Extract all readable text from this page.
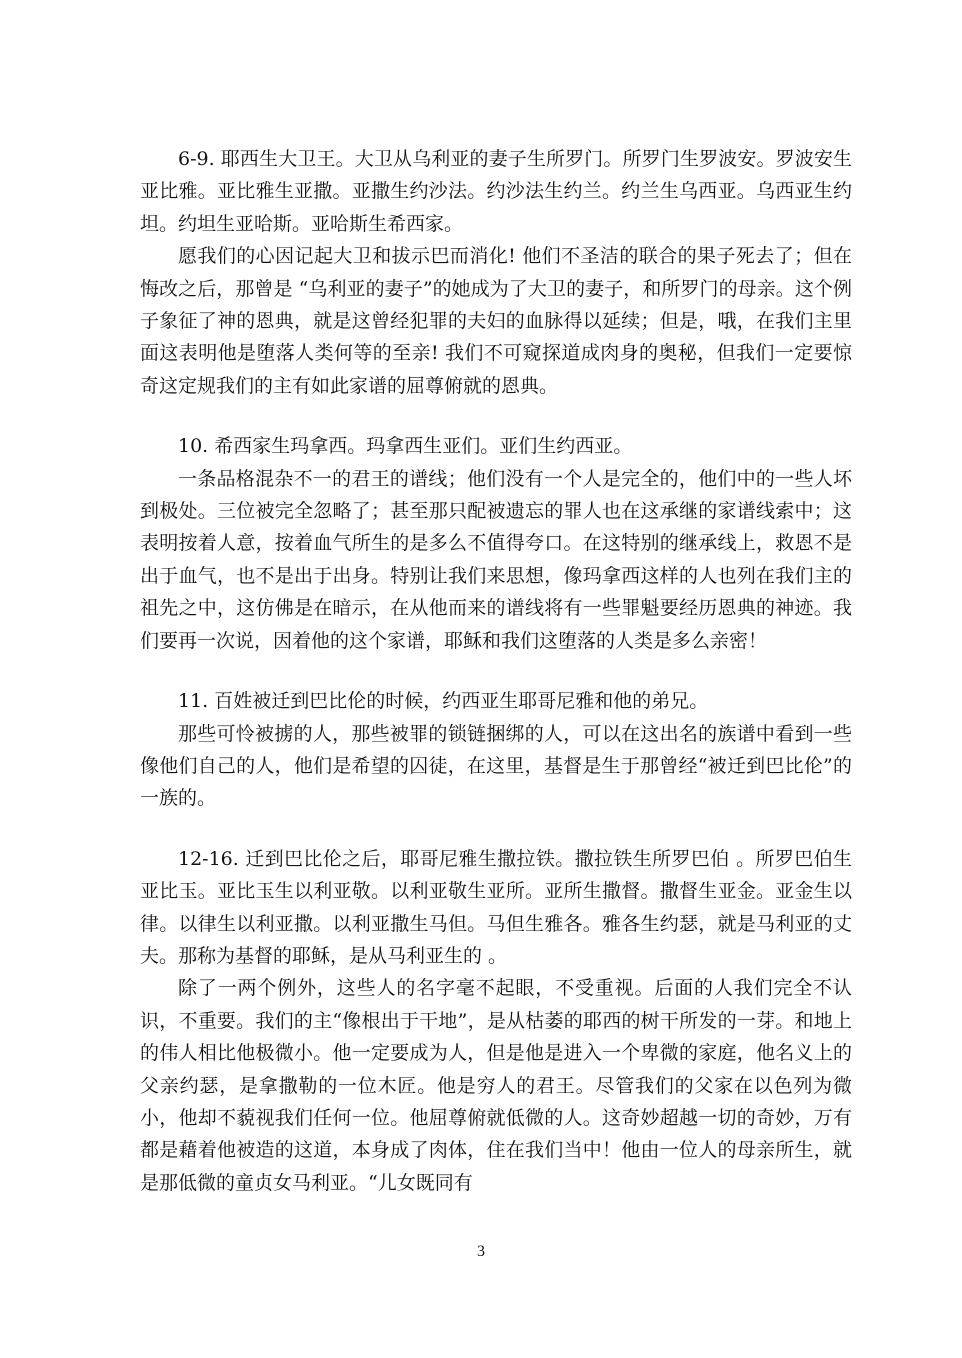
6-9. 耶西生大卫王。大卫从乌利亚的妻子生所罗门。所罗门生罗波安。罗波安生亚比雅。亚比雅生亚撒。亚撒生约沙法。约沙法生约兰。约兰生乌西亚。乌西亚生约坦。约坦生亚哈斯。亚哈斯生希西家。

愿我们的心因记起大卫和拔示巴而消化! 他们不圣洁的联合的果子死去了；但在悔改之后，那曾是 “乌利亚的妻子”的她成为了大卫的妻子，和所罗门的母亲。这个例子象征了神的恩典，就是这曾经犯罪的夫妇的血脉得以延续；但是，哦，在我们主里面这表明他是堕落人类何等的至亲! 我们不可窥探道成肉身的奥秘，但我们一定要惊奇这定规我们的主有如此家谱的屈尊俯就的恩典。

10. 希西家生玛拿西。玛拿西生亚们。亚们生约西亚。

一条品格混杂不一的君王的谱线；他们没有一个人是完全的，他们中的一些人坏到极处。三位被完全忽略了；甚至那只配被遗忘的罪人也在这承继的家谱线索中；这表明按着人意，按着血气所生的是多么不值得夸口。在这特别的继承线上，救恩不是出于血气，也不是出于出身。特别让我们来思想，像玛拿西这样的人也列在我们主的祖先之中，这仿佛是在暗示，在从他而来的谱线将有一些罪魁要经历恩典的神迹。我们要再一次说，因着他的这个家谱，耶稣和我们这堕落的人类是多么亲密！

11. 百姓被迁到巴比伦的时候，约西亚生耶哥尼雅和他的弟兄。

那些可怜被掳的人，那些被罪的锁链捆绑的人，可以在这出名的族谱中看到一些像他们自己的人，他们是希望的囚徒，在这里，基督是生于那曾经“被迁到巴比伦”的一族的。

12-16. 迁到巴比伦之后，耶哥尼雅生撒拉铁。撒拉铁生所罗巴伯 。所罗巴伯生亚比玉。亚比玉生以利亚敬。以利亚敬生亚所。亚所生撒督。撒督生亚金。亚金生以律。以律生以利亚撒。以利亚撒生马但。马但生雅各。雅各生约瑟，就是马利亚的丈夫。那称为基督的耶稣，是从马利亚生的 。

除了一两个例外，这些人的名字毫不起眼，不受重视。后面的人我们完全不认识，不重要。我们的主“像根出于干地”，是从枯萎的耶西的树干所发的一芽。和地上的伟人相比他极微小。他一定要成为人，但是他是进入一个卑微的家庭，他名义上的父亲约瑟，是拿撒勒的一位木匠。他是穷人的君王。尽管我们的父家在以色列为微小，他却不藐视我们任何一位。他屈尊俯就低微的人。这奇妙超越一切的奇妙，万有都是藉着他被造的这道，本身成了肉体，住在我们当中！他由一位人的母亲所生，就是那低微的童贞女马利亚。“儿女既同有

3
